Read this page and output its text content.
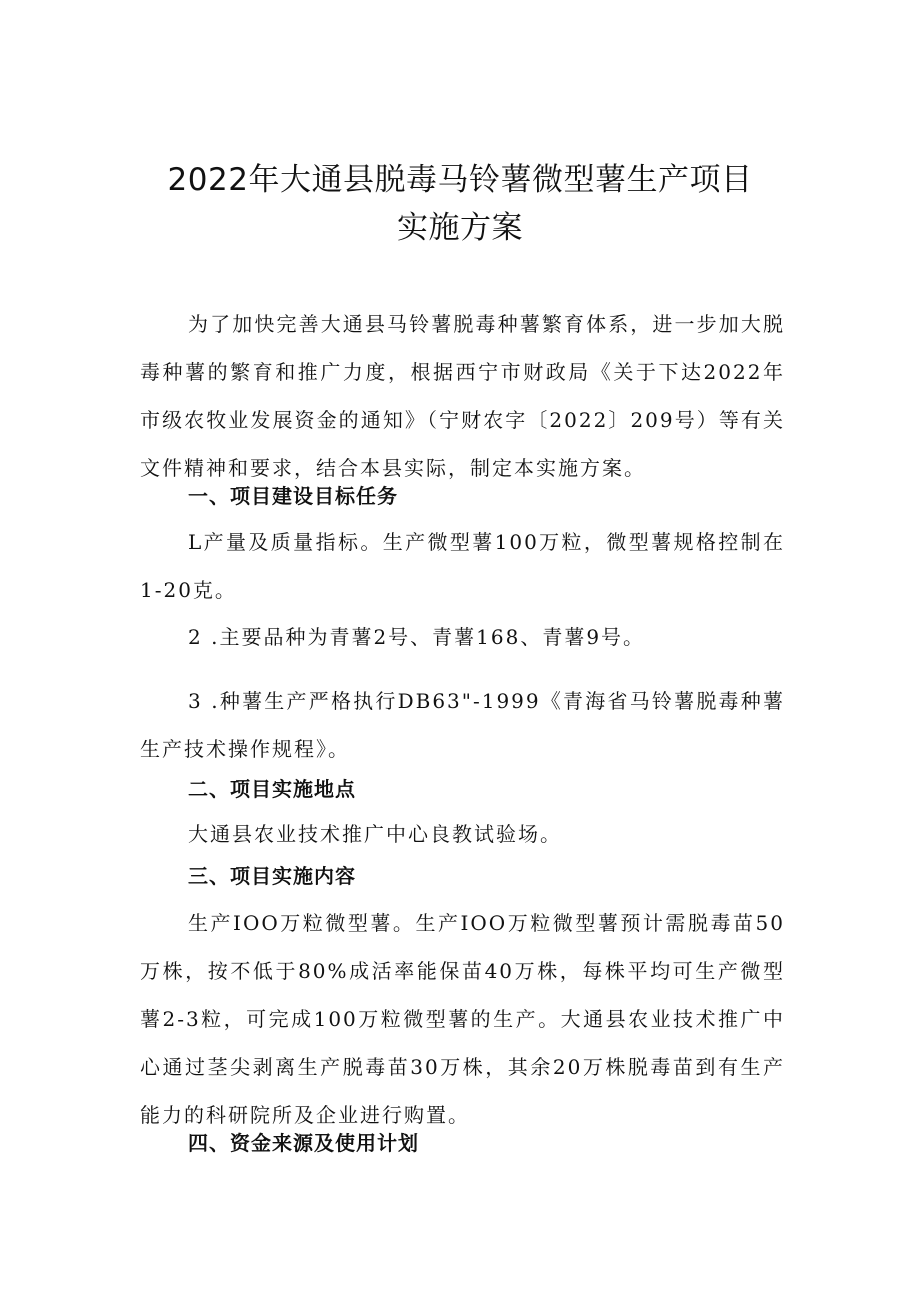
2022年大通县脱毒马铃薯微型薯生产项目
实施方案
为了加快完善大通县马铃薯脱毒种薯繁育体系，进一步加大脱毒种薯的繁育和推广力度，根据西宁市财政局《关于下达2022年市级农牧业发展资金的通知》（宁财农字〔2022〕209号）等有关文件精神和要求，结合本县实际，制定本实施方案。
一、项目建设目标任务
L产量及质量指标。生产微型薯100万粒，微型薯规格控制在1-20克。
2 .主要品种为青薯2号、青薯168、青薯9号。
3 .种薯生产严格执行DB63"-1999《青海省马铃薯脱毒种薯生产技术操作规程》。
二、项目实施地点
大通县农业技术推广中心良教试验场。
三、项目实施内容
生产IOO万粒微型薯。生产IOO万粒微型薯预计需脱毒苗50万株，按不低于80%成活率能保苗40万株，每株平均可生产微型薯2-3粒，可完成100万粒微型薯的生产。大通县农业技术推广中心通过茎尖剥离生产脱毒苗30万株，其余20万株脱毒苗到有生产能力的科研院所及企业进行购置。
四、资金来源及使用计划
